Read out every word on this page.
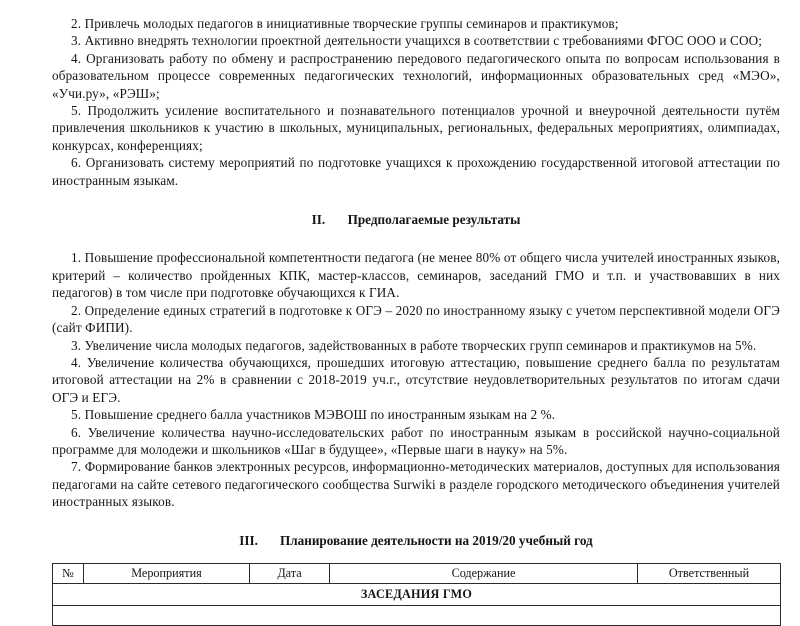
2. Привлечь молодых педагогов в инициативные творческие группы семинаров и практикумов;

3. Активно внедрять технологии проектной деятельности учащихся в соответствии с требованиями ФГОС ООО и СОО;

4. Организовать работу по обмену и распространению передового педагогического опыта по вопросам использования в образовательном процессе современных педагогических технологий, информационных образовательных сред «МЭО», «Учи.ру», «РЭШ»;

5. Продолжить усиление воспитательного и познавательного потенциалов урочной и внеурочной деятельности путём привлечения школьников к участию в школьных, муниципальных, региональных, федеральных мероприятиях, олимпиадах, конкурсах, конференциях;

6. Организовать систему мероприятий по подготовке учащихся к прохождению государственной итоговой аттестации по иностранным языкам.

II. Предполагаемые результаты

1. Повышение профессиональной компетентности педагога (не менее 80% от общего числа учителей иностранных языков, критерий – количество пройденных КПК, мастер-классов, семинаров, заседаний ГМО и т.п. и участвовавших в них педагогов) в том числе при подготовке обучающихся к ГИА.

2. Определение единых стратегий в подготовке к ОГЭ – 2020 по иностранному языку с учетом перспективной модели ОГЭ (сайт ФИПИ).

3. Увеличение числа молодых педагогов, задействованных в работе творческих групп семинаров и практикумов на 5%.

4. Увеличение количества обучающихся, прошедших итоговую аттестацию, повышение среднего балла по результатам итоговой аттестации на 2% в сравнении с 2018-2019 уч.г., отсутствие неудовлетворительных результатов по итогам сдачи ОГЭ и ЕГЭ.

5. Повышение среднего балла участников МЭВОШ по иностранным языкам на 2 %.

6. Увеличение количества научно-исследовательских работ по иностранным языкам в российской научно-социальной программе для молодежи и школьников «Шаг в будущее», «Первые шаги в науку» на 5%.

7. Формирование банков электронных ресурсов, информационно-методических материалов, доступных для использования педагогами на сайте сетевого педагогического сообщества Surwiki в разделе городского методического объединения учителей иностранных языков.

III. Планирование деятельности на 2019/20 учебный год

№	Мероприятия	Дата	Содержание	Ответственный
ЗАСЕДАНИЯ ГМО
